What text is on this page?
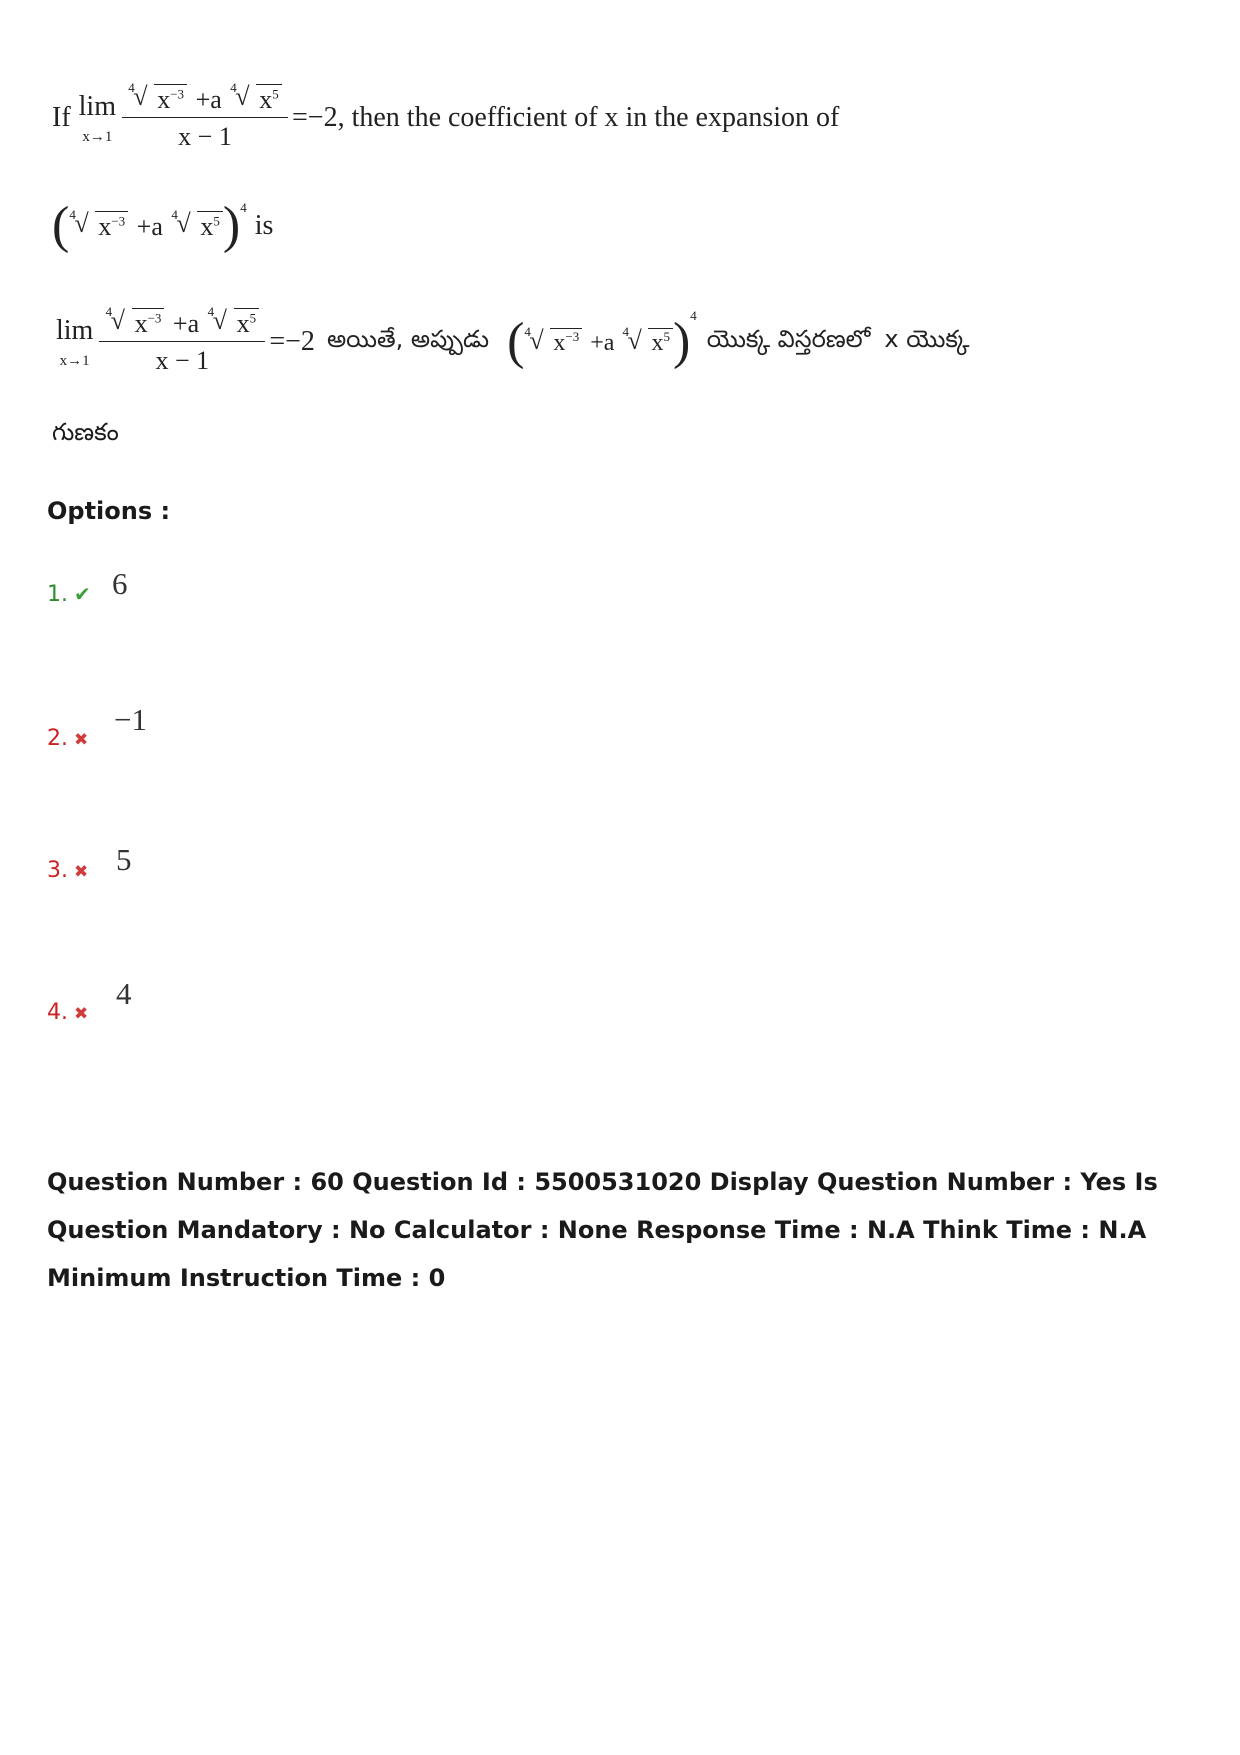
If lim
x→1 4
√ $x^{-3} +a$ 4
√ $x^5$
x − 1 =−2 , then the coefficient of x in the expansion of
( 4
√ $x^{-3} +a$ 4
√ $x^5$ )$^4$
is
lim
x→1 4
√ $x^{-3} +a$ 4
√ $x^5$
x − 1 =−2 అయితే, అప్పుడు ( 4
√ $x^{-3} +a$ 4
√ $x^5$ )$^4$
యొక్క విస్తరణలో x యొక్క
గుణకం
Options :
1. ✔ 6
2. ✖
−1
3. ✖ 5
4. ✖
4
Question Number : 60 Question Id : 5500531020 Display Question Number : Yes Is Question Mandatory : No Calculator : None Response Time : N.A Think Time : N.A Minimum Instruction Time : 0
